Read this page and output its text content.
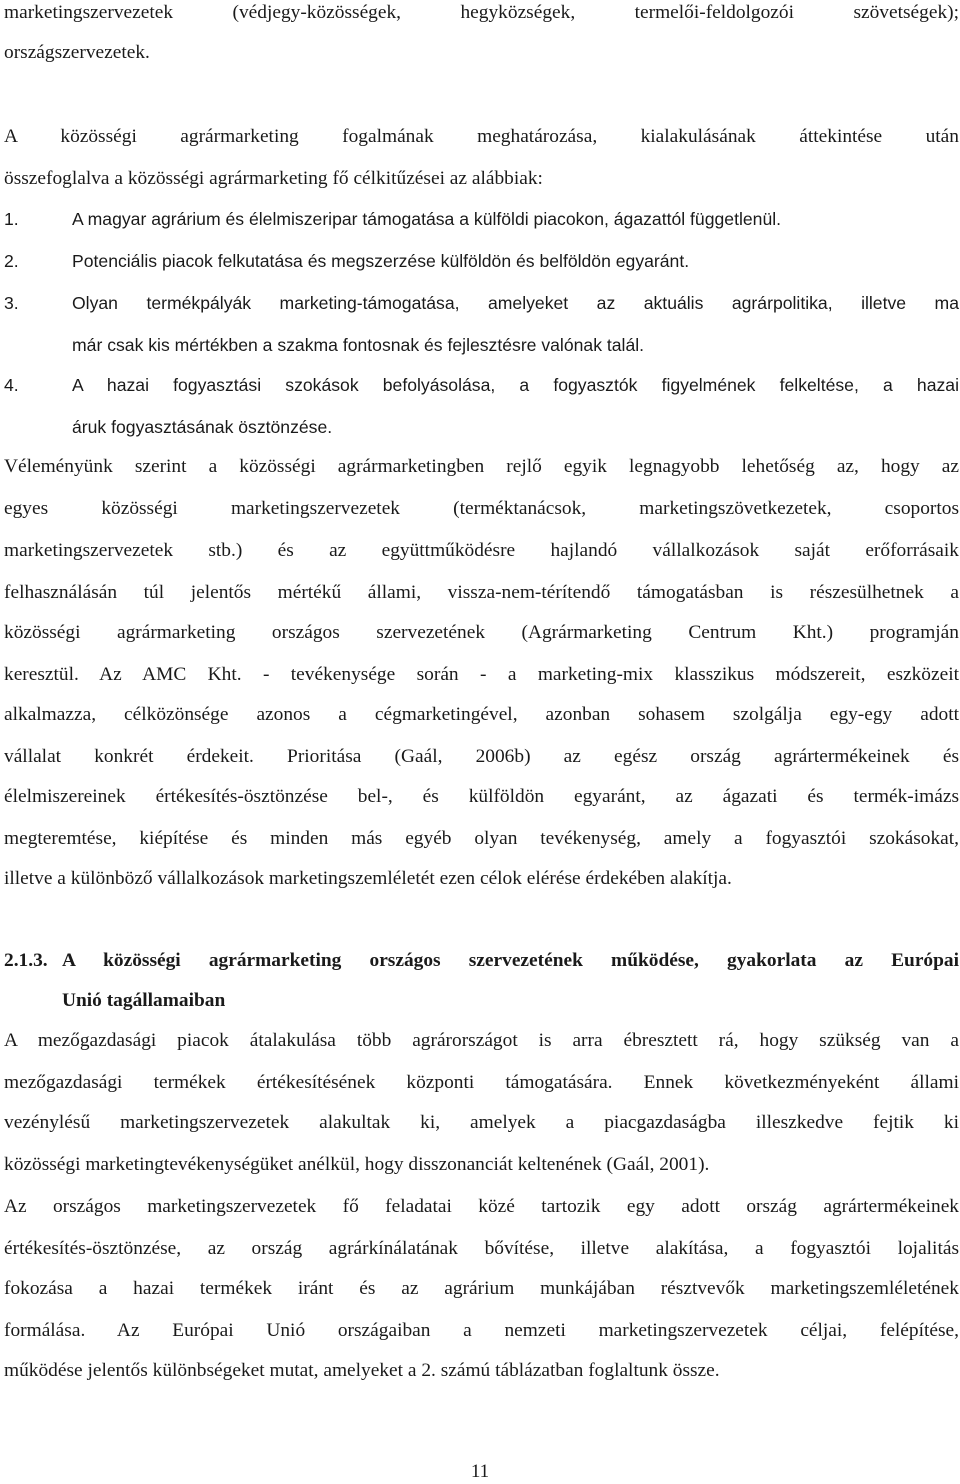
marketingszervezetek (védjegy-közösségek, hegyközségek, termelői-feldolgozói szövetségek);
országszervezetek.
A közösségi agrármarketing fogalmának meghatározása, kialakulásának áttekintése után
összefoglalva a közösségi agrármarketing fő célkitűzései az alábbiak:
1.	A magyar agrárium és élelmiszeripar támogatása a külföldi piacokon, ágazattól függetlenül.
2.	Potenciális piacok felkutatása és megszerzése külföldön és belföldön egyaránt.
3.	Olyan termékpályák marketing-támogatása, amelyeket az aktuális agrárpolitika, illetve ma
már csak kis mértékben a szakma fontosnak és fejlesztésre valónak talál.
4.	A hazai fogyasztási szokások befolyásolása, a fogyasztók figyelmének felkeltése, a hazai
áruk fogyasztásának ösztönzése.
Véleményünk szerint a közösségi agrármarketingben rejlő egyik legnagyobb lehetőség az, hogy az
egyes közösségi marketingszervezetek (terméktanácsok, marketingszövetkezetek, csoportos
marketingszervezetek stb.) és az együttműködésre hajlandó vállalkozások saját erőforrásaik
felhasználásán túl jelentős mértékű állami, vissza-nem-térítendő támogatásban is részesülhetnek a
közösségi agrármarketing országos szervezetének (Agrármarketing Centrum Kht.) programján
keresztül. Az AMC Kht. - tevékenysége során - a marketing-mix klasszikus módszereit, eszközeit
alkalmazza, célközönsége azonos a cégmarketingével, azonban sohasem szolgálja egy-egy adott
vállalat konkrét érdekeit. Prioritása (Gaál, 2006b) az egész ország agrártermékeinek és
élelmiszereinek értékesítés-ösztönzése bel-, és külföldön egyaránt, az ágazati és termék-imázs
megteremtése, kiépítése és minden más egyéb olyan tevékenység, amely a fogyasztói szokásokat,
illetve a különböző vállalkozások marketingszemléletét ezen célok elérése érdekében alakítja.
2.1.3. A közösségi agrármarketing országos szervezetének működése, gyakorlata az Európai
Unió tagállamaiban
A mezőgazdasági piacok átalakulása több agrárországot is arra ébresztett rá, hogy szükség van a
mezőgazdasági termékek értékesítésének központi támogatására. Ennek következményeként állami
vezénylésű marketingszervezetek alakultak ki, amelyek a piacgazdaságba illeszkedve fejtik ki
közösségi marketingtevékenységüket anélkül, hogy disszonanciát keltenének (Gaál, 2001).
Az országos marketingszervezetek fő feladatai közé tartozik egy adott ország agrártermékeinek
értékesítés-ösztönzése, az ország agrárkínálatának bővítése, illetve alakítása, a fogyasztói lojalitás
fokozása a hazai termékek iránt és az agrárium munkájában résztvevők marketingszemléletének
formálása. Az Európai Unió országaiban a nemzeti marketingszervezetek céljai, felépítése,
működése jelentős különbségeket mutat, amelyeket a 2. számú táblázatban foglaltunk össze.
11
